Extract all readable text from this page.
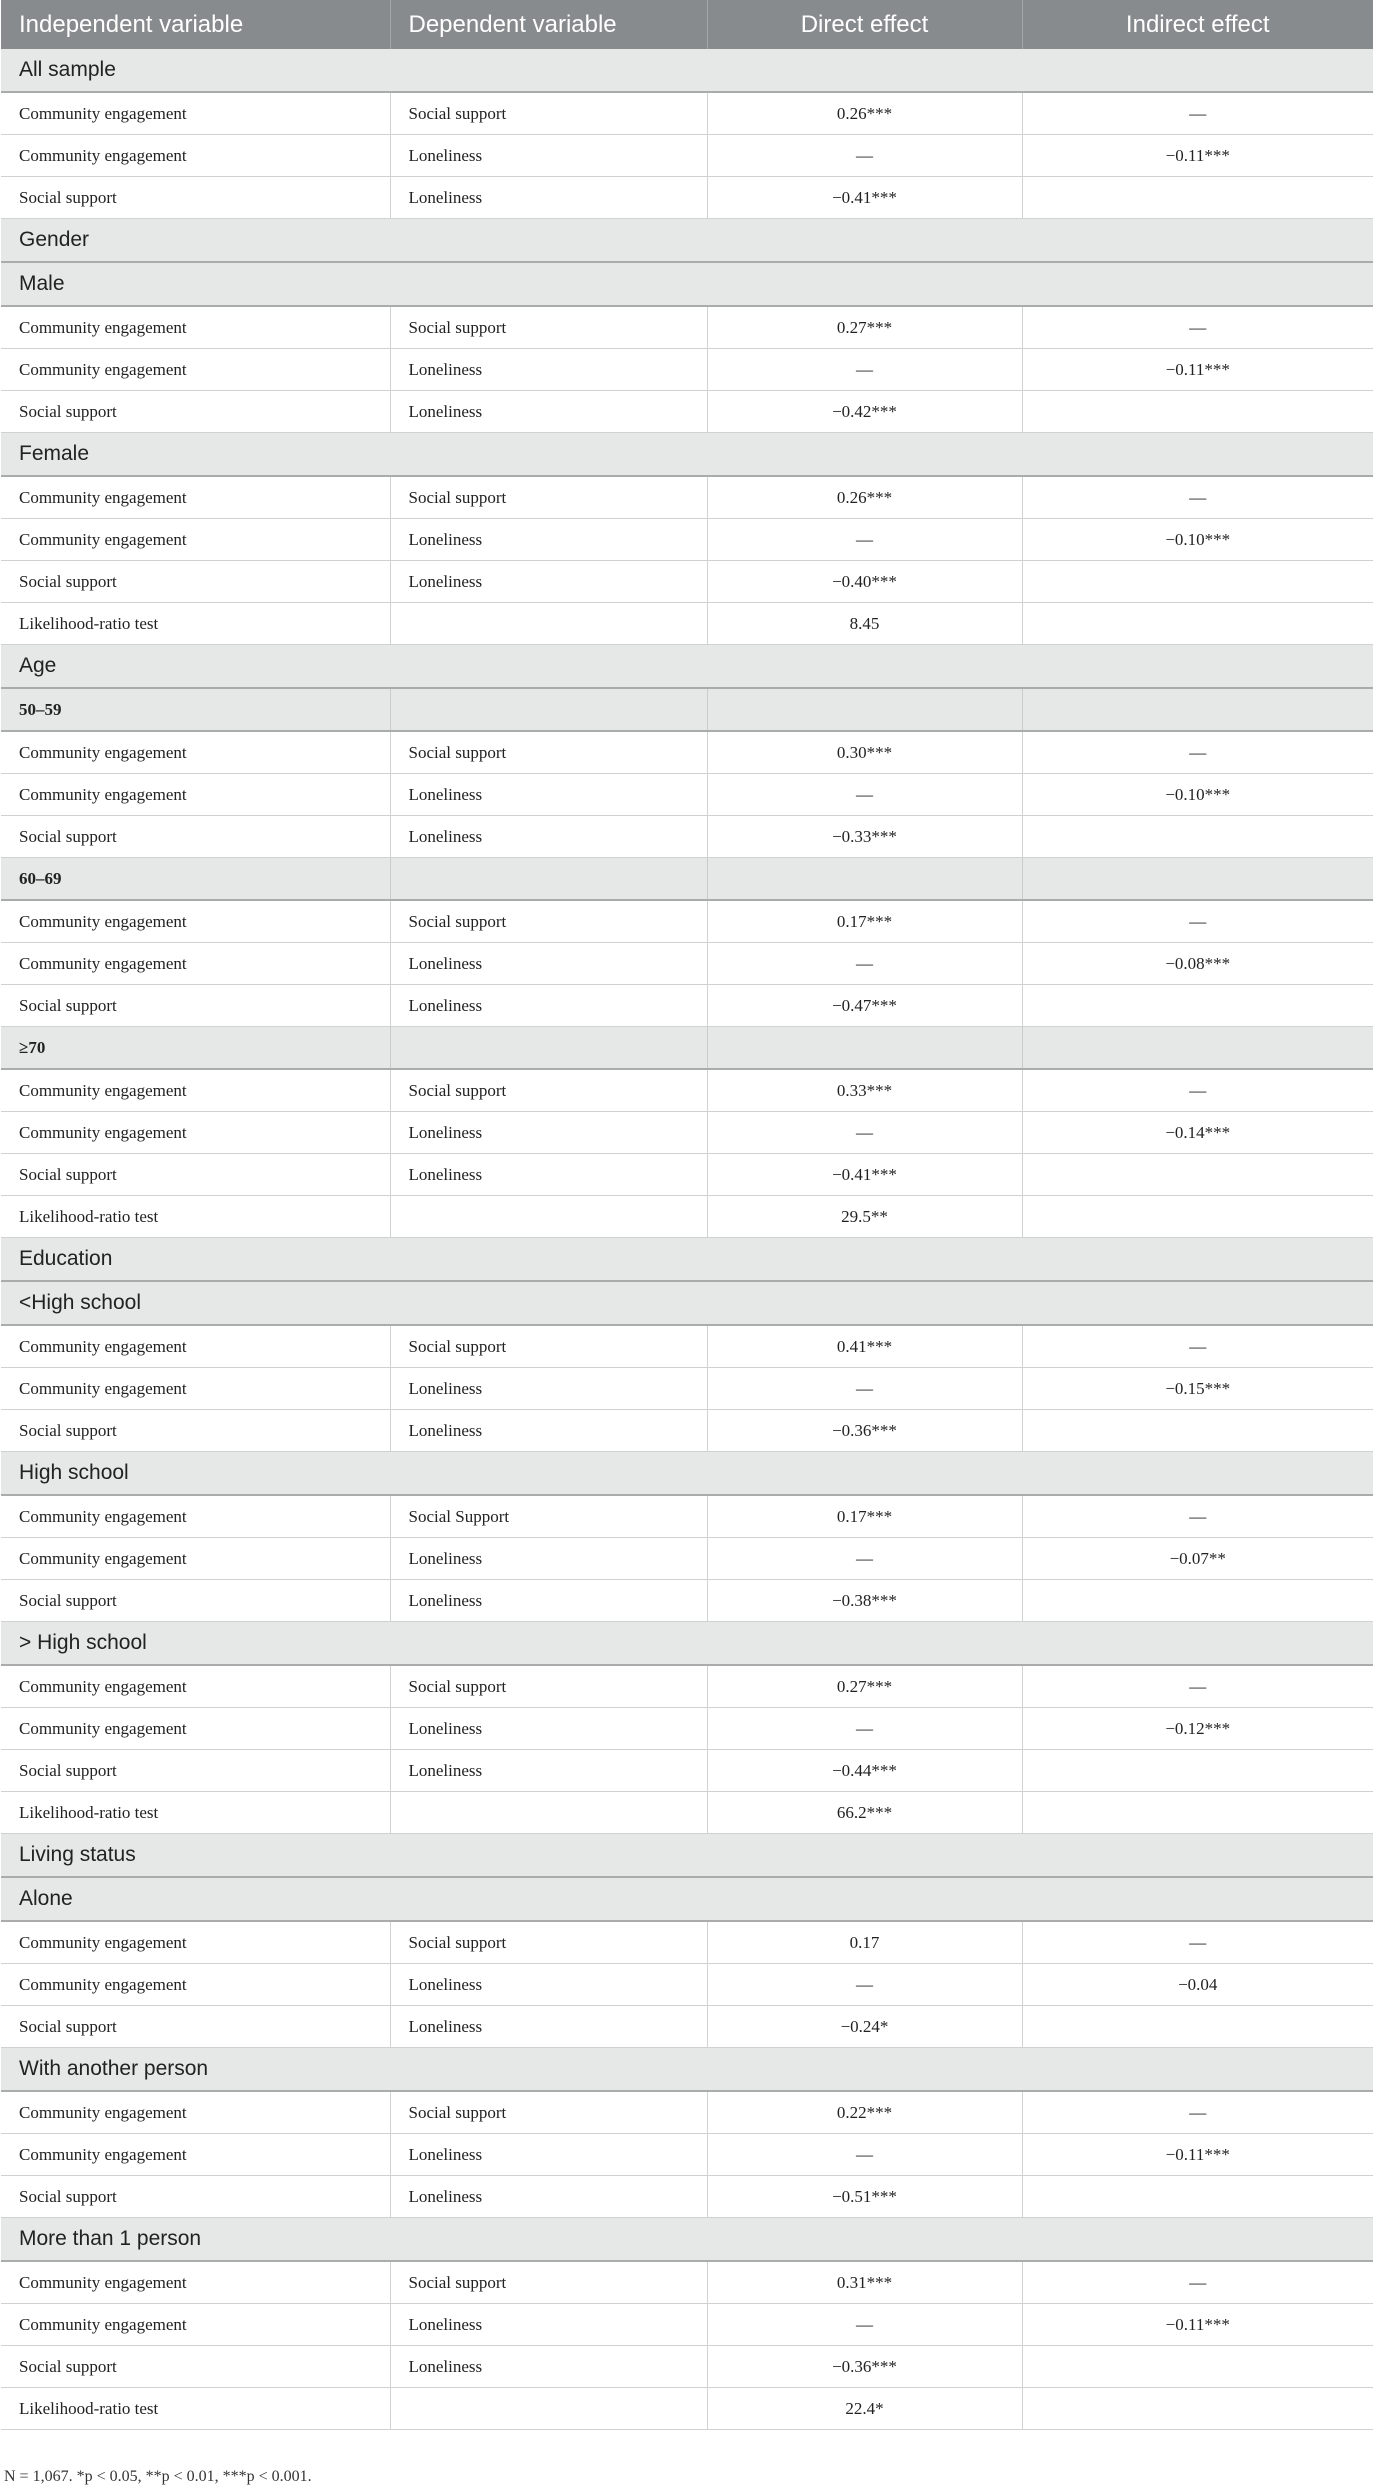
Independent variable	Dependent variable	Direct effect	Indirect effect
All sample			
Community engagement	Social support	0.26***	—
Community engagement	Loneliness	—	−0.11***
Social support	Loneliness	−0.41***	
Gender			
Male			
Community engagement	Social support	0.27***	—
Community engagement	Loneliness	—	−0.11***
Social support	Loneliness	−0.42***	
Female			
Community engagement	Social support	0.26***	—
Community engagement	Loneliness	—	−0.10***
Social support	Loneliness	−0.40***	
Likelihood-ratio test		8.45	
Age			
50–59			
Community engagement	Social support	0.30***	—
Community engagement	Loneliness	—	−0.10***
Social support	Loneliness	−0.33***	
60–69			
Community engagement	Social support	0.17***	—
Community engagement	Loneliness	—	−0.08***
Social support	Loneliness	−0.47***	
≥70			
Community engagement	Social support	0.33***	—
Community engagement	Loneliness	—	−0.14***
Social support	Loneliness	−0.41***	
Likelihood-ratio test		29.5**	
Education			
<High school			
Community engagement	Social support	0.41***	—
Community engagement	Loneliness	—	−0.15***
Social support	Loneliness	−0.36***	
High school			
Community engagement	Social Support	0.17***	—
Community engagement	Loneliness	—	−0.07**
Social support	Loneliness	−0.38***	
> High school			
Community engagement	Social support	0.27***	—
Community engagement	Loneliness	—	−0.12***
Social support	Loneliness	−0.44***	
Likelihood-ratio test		66.2***	
Living status			
Alone			
Community engagement	Social support	0.17	—
Community engagement	Loneliness	—	−0.04
Social support	Loneliness	−0.24*	
With another person			
Community engagement	Social support	0.22***	—
Community engagement	Loneliness	—	−0.11***
Social support	Loneliness	−0.51***	
More than 1 person			
Community engagement	Social support	0.31***	—
Community engagement	Loneliness	—	−0.11***
Social support	Loneliness	−0.36***	
Likelihood-ratio test		22.4*	
N = 1,067. *p < 0.05, **p < 0.01, ***p < 0.001.
